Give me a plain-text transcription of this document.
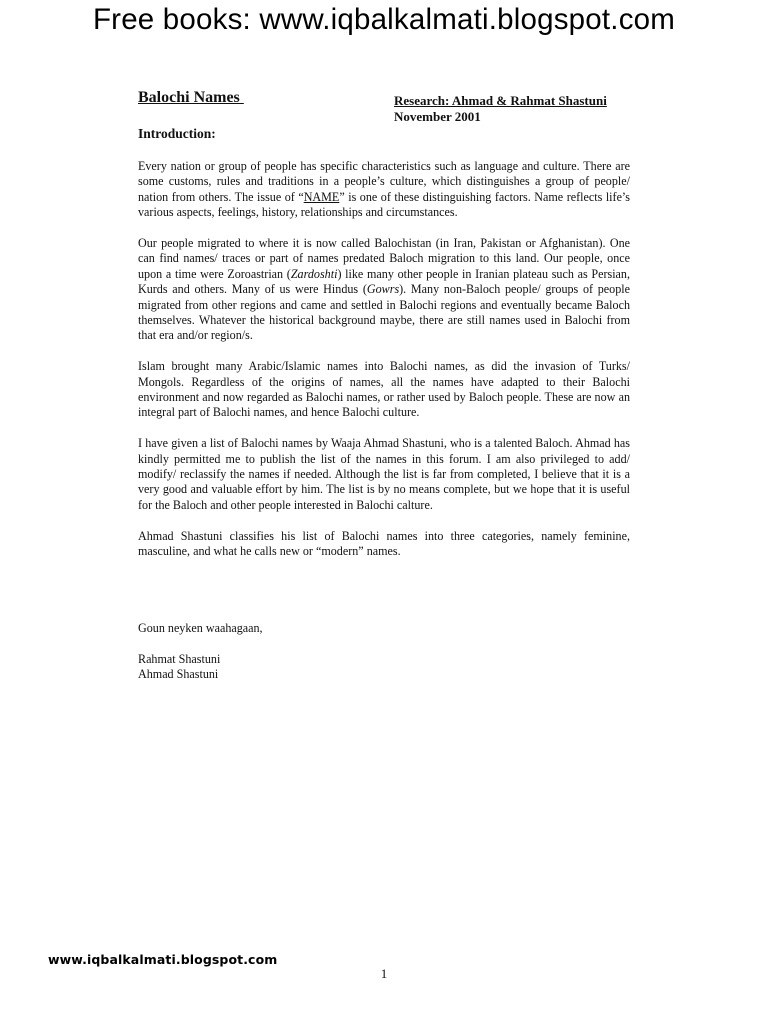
Free books: www.iqbalkalmati.blogspot.com
Balochi Names	Research: Ahmad & Rahmat Shastuni
November 2001
Introduction:

Every nation or group of people has specific characteristics such as language and culture. There are some customs, rules and traditions in a people’s culture, which distinguishes a group of people/ nation from others. The issue of “NAME” is one of these distinguishing factors. Name reflects life’s various aspects, feelings, history, relationships and circumstances.

Our people migrated to where it is now called Balochistan (in Iran, Pakistan or Afghanistan). One can find names/ traces or part of names predated Baloch migration to this land. Our people, once upon a time were Zoroastrian (Zardoshti) like many other people in Iranian plateau such as Persian, Kurds and others. Many of us were Hindus (Gowrs). Many non-Baloch people/ groups of people migrated from other regions and came and settled in Balochi regions and eventually became Baloch themselves. Whatever the historical background maybe, there are still names used in Balochi from that era and/or region/s.

Islam brought many Arabic/Islamic names into Balochi names, as did the invasion of Turks/ Mongols. Regardless of the origins of names, all the names have adapted to their Balochi environment and now regarded as Balochi names, or rather used by Baloch people. These are now an integral part of Balochi names, and hence Balochi culture.

I have given a list of Balochi names by Waaja Ahmad Shastuni, who is a talented Baloch. Ahmad has kindly permitted me to publish the list of the names in this forum. I am also privileged to add/ modify/ reclassify the names if needed. Although the list is far from completed, I believe that it is a very good and valuable effort by him. The list is by no means complete, but we hope that it is useful for the Baloch and other people interested in Balochi calture.

Ahmad Shastuni classifies his list of Balochi names into three categories, namely feminine, masculine, and what he calls new or “modern” names.

Goun neyken waahagaan,

Rahmat Shastuni

Ahmad Shastuni

www.iqbalkalmati.blogspot.com
1
